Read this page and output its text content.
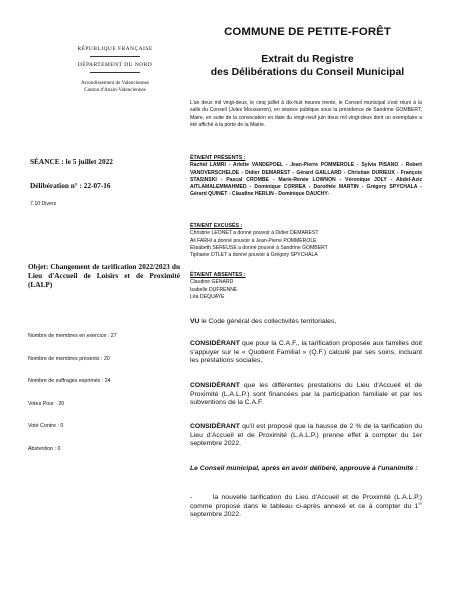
RÉPUBLIQUE FRANÇAISE
DÉPARTEMENT DU NORD
Arrondissement de Valenciennes
Canton d'Anzin-Valenciennes
COMMUNE DE PETITE-FORÊT
Extrait du Registre
des Délibérations du Conseil Municipal
L'an deux mil vingt-deux, le cinq juillet à dix-huit heures trente, le Conseil municipal s'est réuni à la salle du Conseil (Jules Mousseron), en séance publique sous la présidence de Sandrine GOMBERT, Maire, en suite de la convocation en date du vingt-neuf juin deux mil vingt-deux dont un exemplaire a été affiché à la porte de la Mairie.
SÉANCE : le 5 juillet 2022
Délibération n° : 22-07-16
7.10 Divers
Objet: Changement de tarification 2022/2023 du Lieu d'Accueil de Loisirs et de Proximité (LALP)
Nombre de membres en exercice : 27
Nombre de membres présents : 20
Nombre de suffrages exprimés : 24
Votes Pour : 20
Voté Contre : 0
Abstention : 0
ÉTAIENT PRÉSENTS :
Rachid LAMRI - Arlette VANDEPOEL - Jean-Pierre POMMEROLE - Sylvia PISANO - Robert VANOVERSCHELDE - Didier DEMAREST - Gérard GAILLARD - Christian DURIEUX - François STASINSKI - Pascal CROMBE - Marie-Renée LOWNON - Véronique JOLY - Abdel-Aziz AITLAMALEMMAHMED - Dominique CORREA - Dorothée MARTIN - Grégory SPYCHALA - Gérard QUINET - Claudine HERLIN - Dominique DAUCHY-
ÉTAIENT EXCUSÉS :
Christine LEONET a donné pouvoir à Didier DEMAREST
Ali FARHI a donné pouvoir à Jean-Pierre POMMEROLE
Élisabeth SEREUSE a donné pouvoir à Sandrine GOMBERT
Tiphanie OTLET a donné pouvoir à Grégory SPYCHALA
ÉTAIENT ABSENTES :
Claudine GENARD
Isabelle DUFRENNE
Léa DEQUAYE
VU le Code général des collectivités territoriales,
CONSIDÉRANT que pour la C.A.F., la tarification proposée aux familles doit s'appuyer sur le « Quotient Familial » (Q.F.) calculé par ses soins, incluant les prestations sociales,
CONSIDÉRANT que les différentes prestations du Lieu d'Accueil et de Proximité (L.A.L.P.) sont financées par la participation familiale et par les subventions de la C.A.F.
CONSIDÉRANT qu'il est proposé que la hausse de 2 % de la tarification du Lieu d'Accueil et de Proximité (L.A.L.P.) prenne effet à compter du 1er septembre 2022.
Le Conseil municipal, après en avoir délibéré, approuve à l'unanimité :
-	la nouvelle tarification du Lieu d'Accueil et de Proximité (L.A.L.P.) comme proposé dans le tableau ci-après annexé et ce à compter du 1er septembre 2022.
